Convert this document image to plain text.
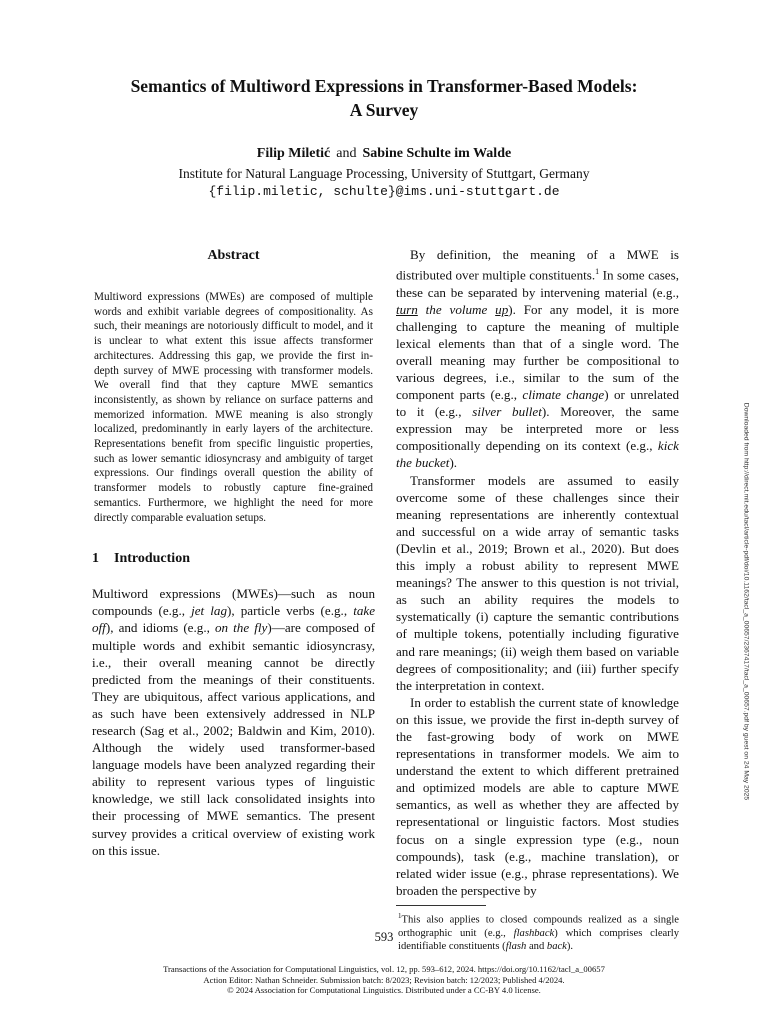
Semantics of Multiword Expressions in Transformer-Based Models:
A Survey
Filip Miletić and Sabine Schulte im Walde
Institute for Natural Language Processing, University of Stuttgart, Germany
{filip.miletic, schulte}@ims.uni-stuttgart.de
Abstract

Multiword expressions (MWEs) are composed of multiple words and exhibit variable degrees of compositionality. As such, their meanings are notoriously difficult to model, and it is unclear to what extent this issue affects transformer architectures. Addressing this gap, we provide the first in-depth survey of MWE processing with transformer models. We overall find that they capture MWE semantics inconsistently, as shown by reliance on surface patterns and memorized information. MWE meaning is also strongly localized, predominantly in early layers of the architecture. Representations benefit from specific linguistic properties, such as lower semantic idiosyncrasy and ambiguity of target expressions. Our findings overall question the ability of transformer models to robustly capture fine-grained semantics. Furthermore, we highlight the need for more directly comparable evaluation setups.

1 Introduction

Multiword expressions (MWEs)—such as noun compounds (e.g., jet lag), particle verbs (e.g., take off), and idioms (e.g., on the fly)—are composed of multiple words and exhibit semantic idiosyncrasy, i.e., their overall meaning cannot be directly predicted from the meanings of their constituents. They are ubiquitous, affect various applications, and as such have been extensively addressed in NLP research (Sag et al., 2002; Baldwin and Kim, 2010). Although the widely used transformer-based language models have been analyzed regarding their ability to represent various types of linguistic knowledge, we still lack consolidated insights into their processing of MWE semantics. The present survey provides a critical overview of existing work on this issue.

By definition, the meaning of a MWE is distributed over multiple constituents.$^1$ In some cases, these can be separated by intervening material (e.g., turn the volume up). For any model, it is more challenging to capture the meaning of multiple lexical elements than that of a single word. The overall meaning may further be compositional to various degrees, i.e., similar to the sum of the component parts (e.g., climate change) or unrelated to it (e.g., silver bullet). Moreover, the same expression may be interpreted more or less compositionally depending on its context (e.g., kick the bucket).

Transformer models are assumed to easily overcome some of these challenges since their meaning representations are inherently contextual and successful on a wide array of semantic tasks (Devlin et al., 2019; Brown et al., 2020). But does this imply a robust ability to represent MWE meanings? The answer to this question is not trivial, as such an ability requires the models to systematically (i) capture the semantic contributions of multiple tokens, potentially including figurative and rare meanings; (ii) weigh them based on variable degrees of compositionality; and (iii) further specify the interpretation in context.

In order to establish the current state of knowledge on this issue, we provide the first in-depth survey of the fast-growing body of work on MWE representations in transformer models. We aim to understand the extent to which different pretrained and optimized models are able to capture MWE semantics, as well as whether they are affected by representational or linguistic factors. Most studies focus on a single expression type (e.g., noun compounds), task (e.g., machine translation), or related wider issue (e.g., phrase representations). We broaden the perspective by

$^1$This also applies to closed compounds realized as a single orthographic unit (e.g., flashback) which comprises clearly identifiable constituents (flash and back).

593
Transactions of the Association for Computational Linguistics, vol. 12, pp. 593–612, 2024. https://doi.org/10.1162/tacl_a_00657
Action Editor: Nathan Schneider. Submission batch: 8/2023; Revision batch: 12/2023; Published 4/2024.
© 2024 Association for Computational Linguistics. Distributed under a CC-BY 4.0 license.
Downloaded from http://direct.mit.edu/tacl/article-pdf/doi/10.1162/tacl_a_00657/2367417/tacl_a_00657.pdf by guest on 24 May 2025
